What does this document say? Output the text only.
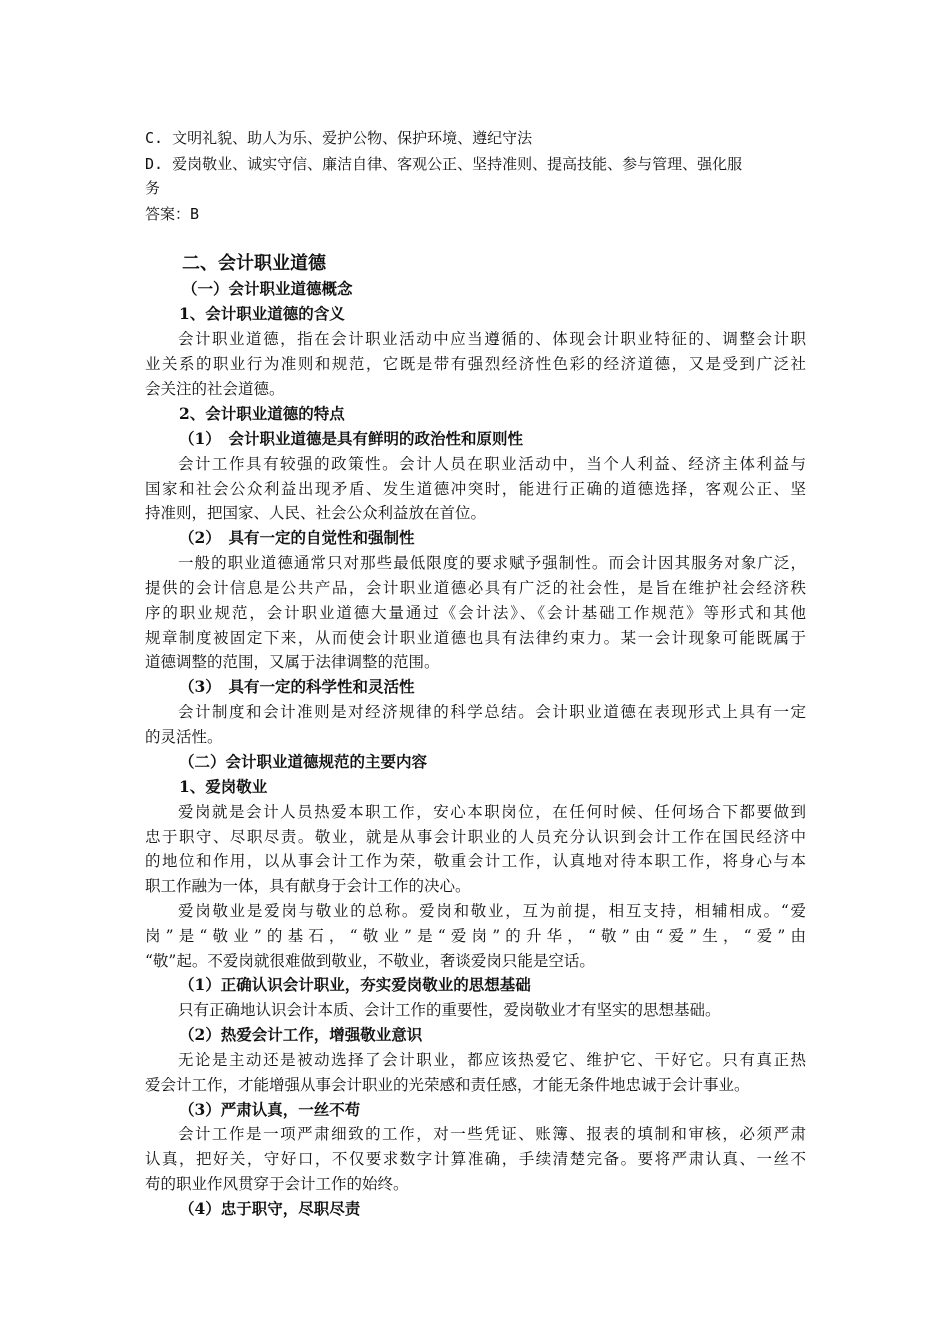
C. 文明礼貌、助人为乐、爱护公物、保护环境、遵纪守法
D. 爱岗敬业、诚实守信、廉洁自律、客观公正、坚持准则、提高技能、参与管理、强化服
务
答案：B
二、会计职业道德
（一）会计职业道德概念
1、会计职业道德的含义
会计职业道德，指在会计职业活动中应当遵循的、体现会计职业特征的、调整会计职
业关系的职业行为准则和规范，它既是带有强烈经济性色彩的经济道德，又是受到广泛社
会关注的社会道德。
2、会计职业道德的特点
（1）　会计职业道德是具有鲜明的政治性和原则性
会计工作具有较强的政策性。会计人员在职业活动中，当个人利益、经济主体利益与
国家和社会公众利益出现矛盾、发生道德冲突时，能进行正确的道德选择，客观公正、坚
持准则，把国家、人民、社会公众利益放在首位。
（2）　具有一定的自觉性和强制性
一般的职业道德通常只对那些最低限度的要求赋予强制性。而会计因其服务对象广泛，
提供的会计信息是公共产品，会计职业道德必具有广泛的社会性，是旨在维护社会经济秩
序的职业规范，会计职业道德大量通过《会计法》、《会计基础工作规范》等形式和其他
规章制度被固定下来，从而使会计职业道德也具有法律约束力。某一会计现象可能既属于
道德调整的范围，又属于法律调整的范围。
（3）　具有一定的科学性和灵活性
会计制度和会计准则是对经济规律的科学总结。会计职业道德在表现形式上具有一定
的灵活性。
（二）会计职业道德规范的主要内容
1、爱岗敬业
爱岗就是会计人员热爱本职工作，安心本职岗位，在任何时候、任何场合下都要做到
忠于职守、尽职尽责。敬业，就是从事会计职业的人员充分认识到会计工作在国民经济中
的地位和作用，以从事会计工作为荣，敬重会计工作，认真地对待本职工作，将身心与本
职工作融为一体，具有献身于会计工作的决心。
爱岗敬业是爱岗与敬业的总称。爱岗和敬业，互为前提，相互支持，相辅相成。“爱
岗”是“敬业”的基石，“敬业”是“爱岗”的升华，“敬”由“爱”生，“爱”由
“敬”起。不爱岗就很难做到敬业，不敬业，奢谈爱岗只能是空话。
（1）正确认识会计职业，夯实爱岗敬业的思想基础
只有正确地认识会计本质、会计工作的重要性，爱岗敬业才有坚实的思想基础。
（2）热爱会计工作，增强敬业意识
无论是主动还是被动选择了会计职业，都应该热爱它、维护它、干好它。只有真正热
爱会计工作，才能增强从事会计职业的光荣感和责任感，才能无条件地忠诚于会计事业。
（3）严肃认真，一丝不苟
会计工作是一项严肃细致的工作，对一些凭证、账簿、报表的填制和审核，必须严肃
认真，把好关，守好口，不仅要求数字计算准确，手续清楚完备。要将严肃认真、一丝不
苟的职业作风贯穿于会计工作的始终。
（4）忠于职守，尽职尽责
